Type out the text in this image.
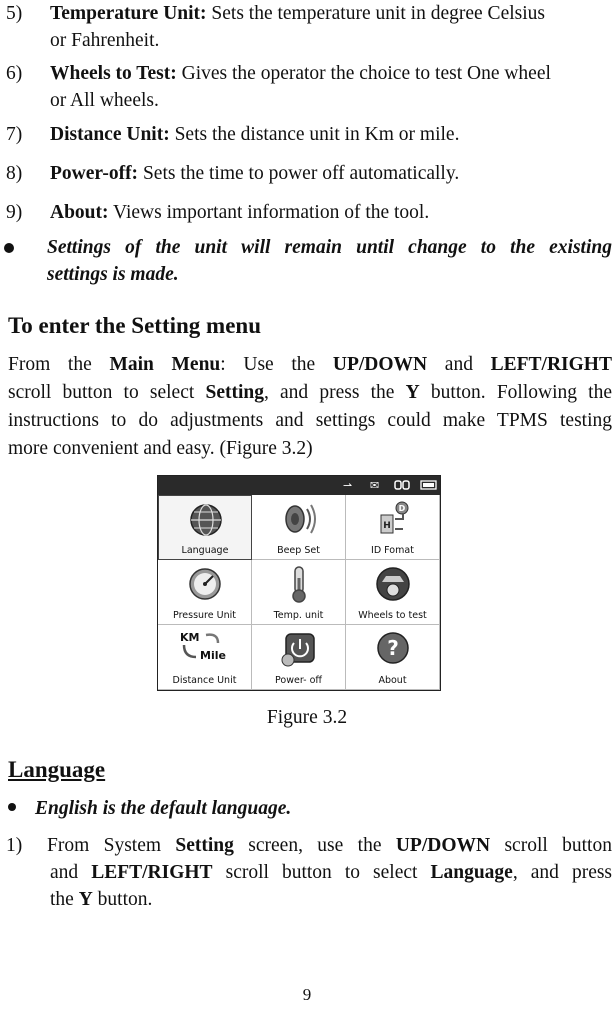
5) Temperature Unit: Sets the temperature unit in degree Celsius
or Fahrenheit.
6) Wheels to Test: Gives the operator the choice to test One wheel
or All wheels.
7) Distance Unit: Sets the distance unit in Km or mile.
8) Power-off: Sets the time to power off automatically.
9) About: Views important information of the tool.
Settings of the unit will remain until change to the existing
settings is made.
To enter the Setting menu
From the Main Menu: Use the UP/DOWN and LEFT/RIGHT
scroll button to select Setting, and press the Y button. Following the
instructions to do adjustments and settings could make TPMS testing
more convenient and easy. (Figure 3.2)
⇀ ✉
Language	Beep Set
D
H
ID Fomat
Pressure Unit	Temp. unit	Wheels to test
KM
Mile
Distance Unit	Power- off
?
About
Figure 3.2
Language
English is the default language.
1) From System Setting screen, use the UP/DOWN scroll button
and LEFT/RIGHT scroll button to select Language, and press
the Y button.
9
